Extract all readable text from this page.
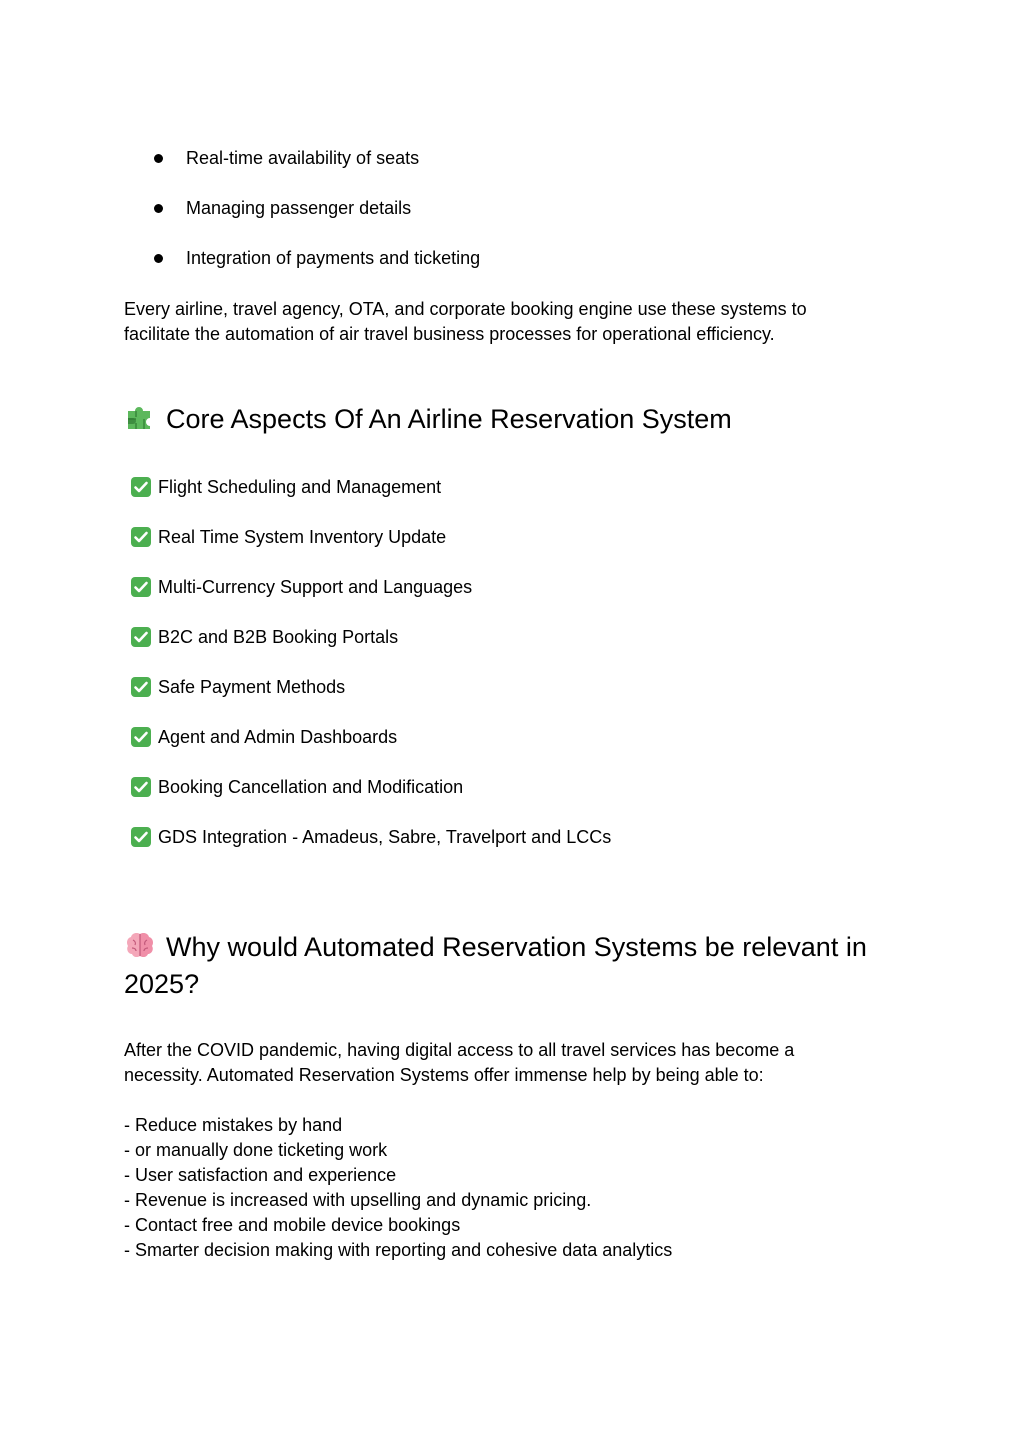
Real-time availability of seats
Managing passenger details
Integration of payments and ticketing

Every airline, travel agency, OTA, and corporate booking engine use these systems to
facilitate the automation of air travel business processes for operational efficiency.

Core Aspects Of An Airline Reservation System
Flight Scheduling and Management
Real Time System Inventory Update
Multi-Currency Support and Languages
B2C and B2B Booking Portals
Safe Payment Methods
Agent and Admin Dashboards
Booking Cancellation and Modification
GDS Integration - Amadeus, Sabre, Travelport and LCCs
Why would Automated Reservation Systems be relevant in
2025?

After the COVID pandemic, having digital access to all travel services has become a
necessity. Automated Reservation Systems offer immense help by being able to:

- Reduce mistakes by hand
- or manually done ticketing work
- User satisfaction and experience
- Revenue is increased with upselling and dynamic pricing.
- Contact free and mobile device bookings
- Smarter decision making with reporting and cohesive data analytics
